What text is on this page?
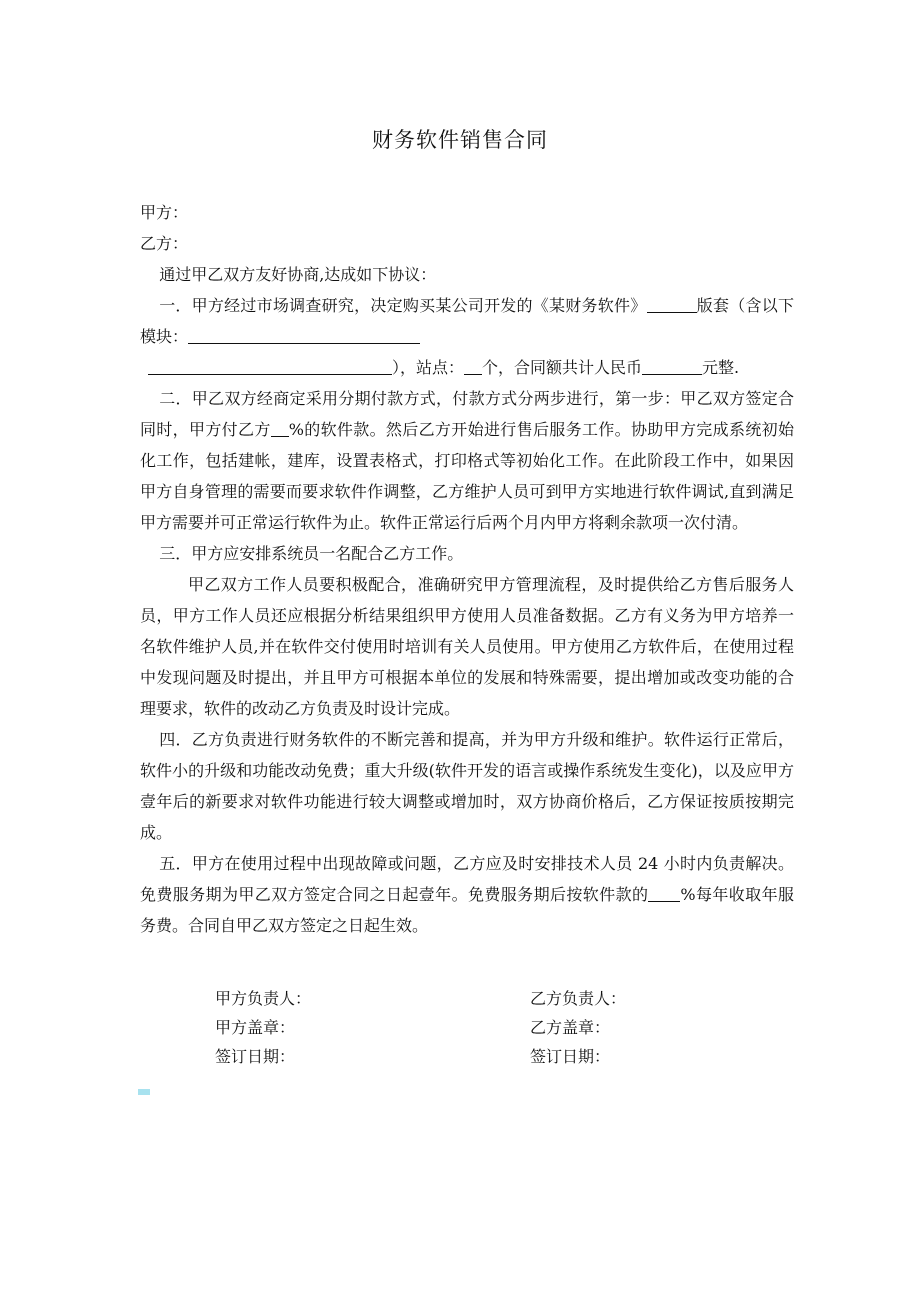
财务软件销售合同

甲方：

乙方：

通过甲乙双方友好协商,达成如下协议：

一．甲方经过市场调查研究，决定购买某公司开发的《某财务软件》	版套（含以下模块：
），站点： 个，合同额共计人民币	元整.

二．甲乙双方经商定采用分期付款方式，付款方式分两步进行，第一步：甲乙双方签定合同时，甲方付乙方 %的软件款。然后乙方开始进行售后服务工作。协助甲方完成系统初始化工作，包括建帐，建库，设置表格式，打印格式等初始化工作。在此阶段工作中，如果因甲方自身管理的需要而要求软件作调整，乙方维护人员可到甲方实地进行软件调试,直到满足甲方需要并可正常运行软件为止。软件正常运行后两个月内甲方将剩余款项一次付清。

三．甲方应安排系统员一名配合乙方工作。

甲乙双方工作人员要积极配合，准确研究甲方管理流程，及时提供给乙方售后服务人员，甲方工作人员还应根据分析结果组织甲方使用人员准备数据。乙方有义务为甲方培养一名软件维护人员,并在软件交付使用时培训有关人员使用。甲方使用乙方软件后，在使用过程中发现问题及时提出，并且甲方可根据本单位的发展和特殊需要，提出增加或改变功能的合理要求，软件的改动乙方负责及时设计完成。

四．乙方负责进行财务软件的不断完善和提高，并为甲方升级和维护。软件运行正常后，软件小的升级和功能改动免费；重大升级(软件开发的语言或操作系统发生变化)，以及应甲方壹年后的新要求对软件功能进行较大调整或增加时，双方协商价格后，乙方保证按质按期完成。

五．甲方在使用过程中出现故障或问题，乙方应及时安排技术人员 24 小时内负责解决。免费服务期为甲乙双方签定合同之日起壹年。免费服务期后按软件款的 %每年收取年服务费。合同自甲乙双方签定之日起生效。

甲方负责人：
甲方盖章：
签订日期：
乙方负责人：
乙方盖章：
签订日期：
